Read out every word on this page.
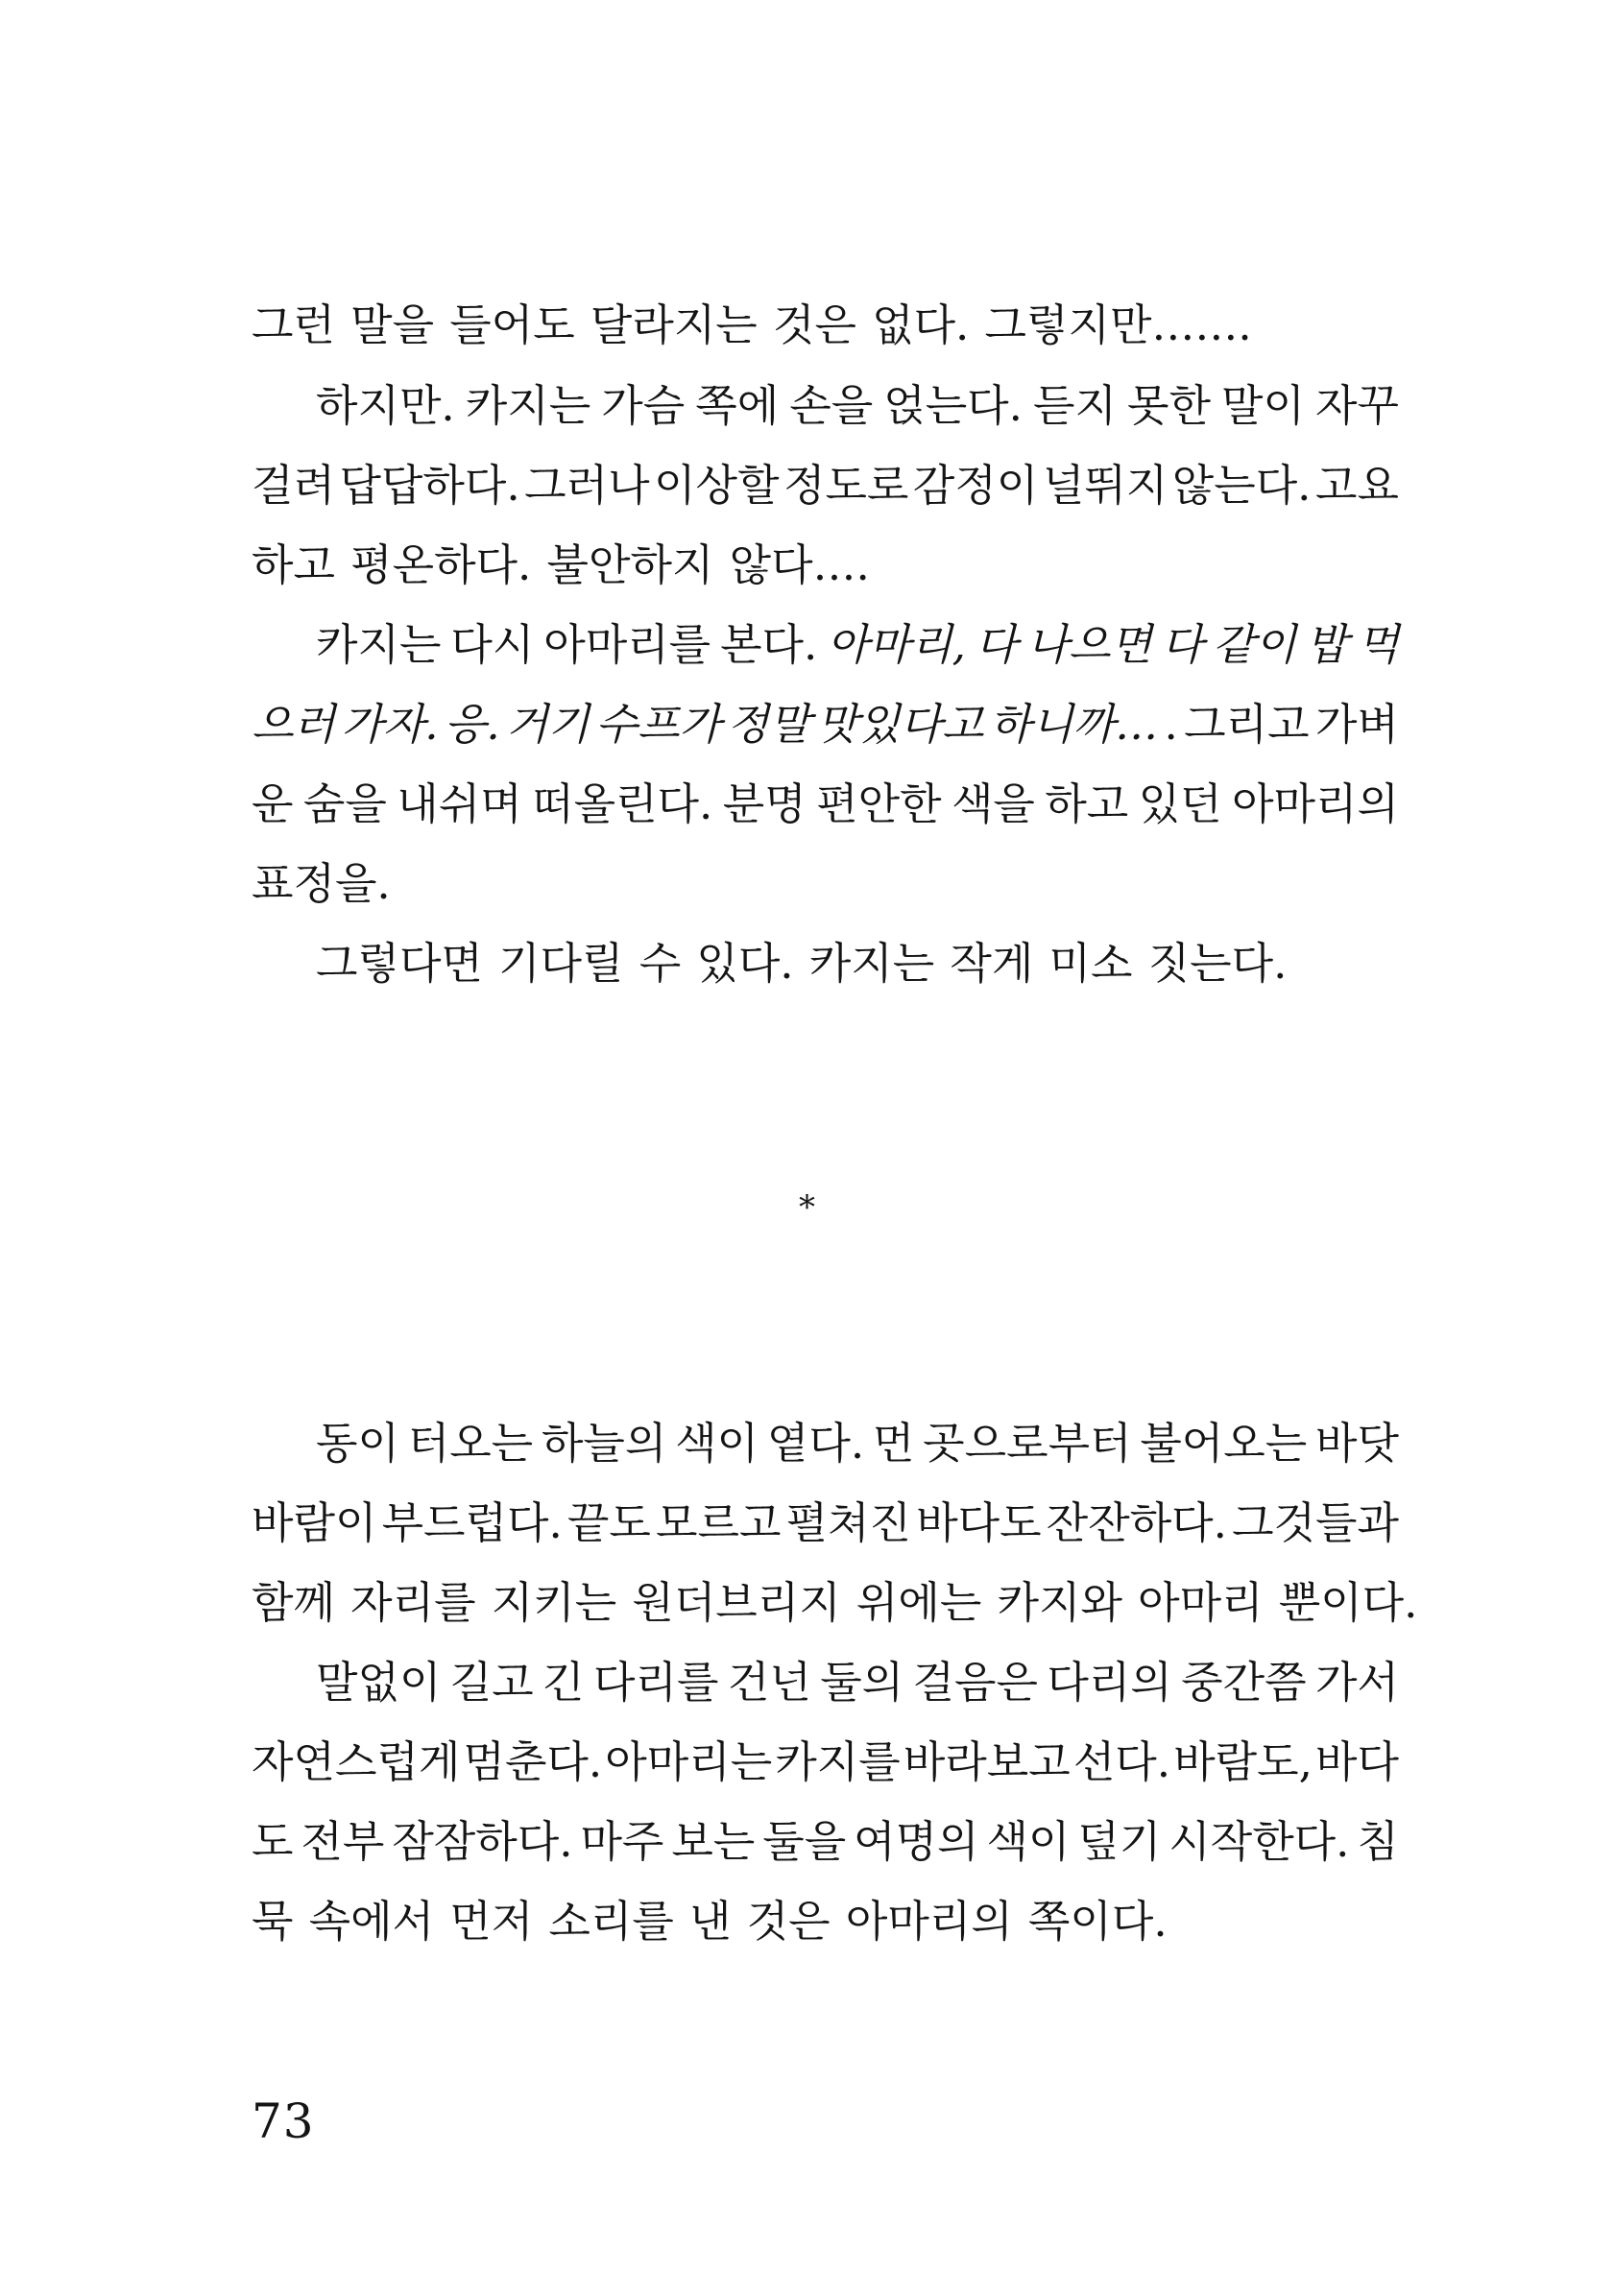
그런 말을 들어도 달라지는 것은 없다. 그렇지만…….
하지만. 카지는 가슴 쪽에 손을 얹는다. 듣지 못한 말이 자꾸
걸려 답답하다. 그러나 이상할 정도로 감정이 널뛰지 않는다. 고요
하고 평온하다. 불안하지 않다….
카지는 다시 아마리를 본다. 아마리, 다 나으면 다 같이 밥 먹
으러 가자. 응. 거기 수프가 정말 맛있다고 하니까… . 그리고 가벼
운 숨을 내쉬며 떠올린다. 분명 편안한 색을 하고 있던 아마리의
표정을.
그렇다면 기다릴 수 있다. 카지는 작게 미소 짓는다.
*
동이 터오는 하늘의 색이 옅다. 먼 곳으로부터 불어오는 바닷
바람이 부드럽다. 끝도 모르고 펼쳐진 바다도 잔잔하다. 그것들과
함께 자리를 지키는 원더브리지 위에는 카지와 아마리 뿐이다.
말없이 길고 긴 다리를 건넌 둘의 걸음은 다리의 중간쯤 가서
자연스럽게 멈춘다. 아마리는 카지를 바라보고 선다. 바람도, 바다
도 전부 잠잠하다. 마주 보는 둘을 여명의 색이 덮기 시작한다. 침
묵 속에서 먼저 소리를 낸 것은 아마리의 쪽이다.
73
